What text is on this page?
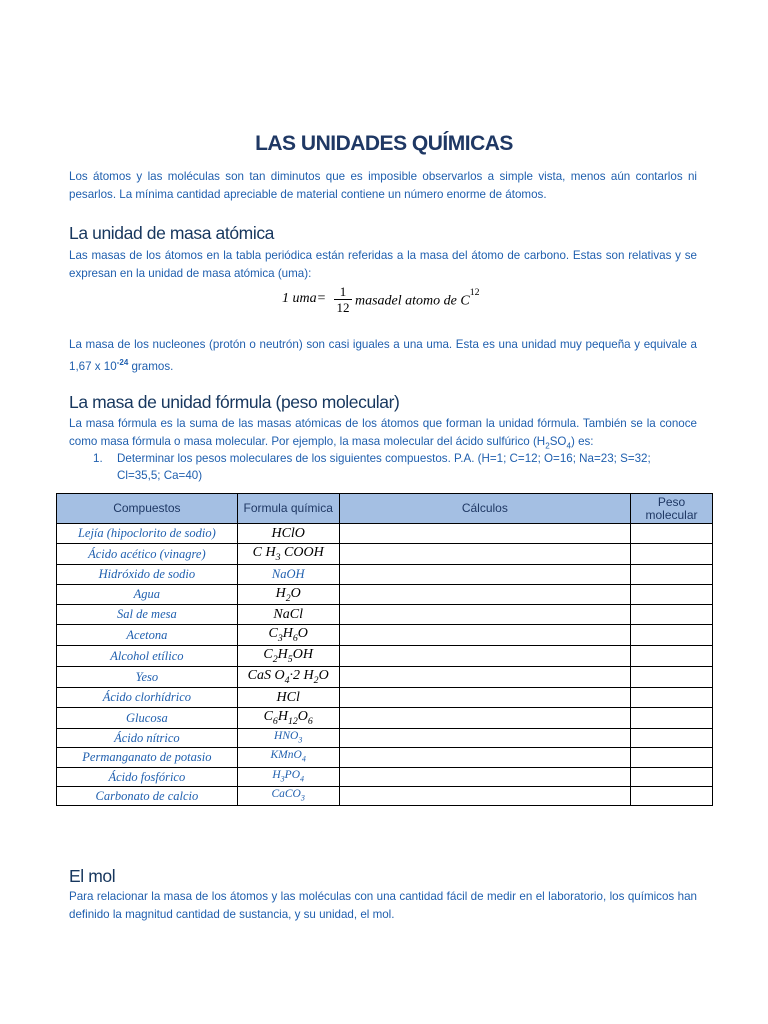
LAS UNIDADES QUÍMICAS
Los átomos y las moléculas son tan diminutos que es imposible observarlos a simple vista, menos aún contarlos ni pesarlos. La mínima cantidad apreciable de material contiene un número enorme de átomos.
La unidad de masa atómica
Las masas de los átomos en la tabla periódica están referidas a la masa del átomo de carbono. Estas son relativas y se expresan en la unidad de masa atómica (uma):
1 uma=	1
12 masadel atomo de $C^{12}$
La masa de los nucleones (protón o neutrón) son casi iguales a una uma. Esta es una unidad muy pequeña y equivale a 1,67 x $10^{-24}$ gramos.
La masa de unidad fórmula (peso molecular)
La masa fórmula es la suma de las masas atómicas de los átomos que forman la unidad fórmula. También se la conoce como masa fórmula o masa molecular. Por ejemplo, la masa molecular del ácido sulfúrico $(H_2SO_4)$ es:
1. Determinar los pesos moleculares de los siguientes compuestos. P.A. (H=1; C=12; O=16; Na=23; S=32; Cl=35,5; Ca=40)
Compuestos	Formula química	Cálculos	Peso molecular
Lejía (hipoclorito de sodio)	HClO		
Ácido acético (vinagre)	C $H_3$ COOH		
Hidróxido de sodio	NaOH		
Agua	$H_2O$		
Sal de mesa	NaCl		
Acetona	$C_3H_6O$		
Alcohol etílico	$C_2H_5OH$		
Yeso	CaS $O_4\cdot 2$ $H_2O$		
Ácido clorhídrico	HCl		
Glucosa	$C_6H_{12}O_6$		
Ácido nítrico	$HNO_3$		
Permanganato de potasio	KMnO$_4$		
Ácido fosfórico	$H_3PO_4$		
Carbonato de calcio	CaCO$_3$		
El mol
Para relacionar la masa de los átomos y las moléculas con una cantidad fácil de medir en el laboratorio, los químicos han definido la magnitud cantidad de sustancia, y su unidad, el mol.
